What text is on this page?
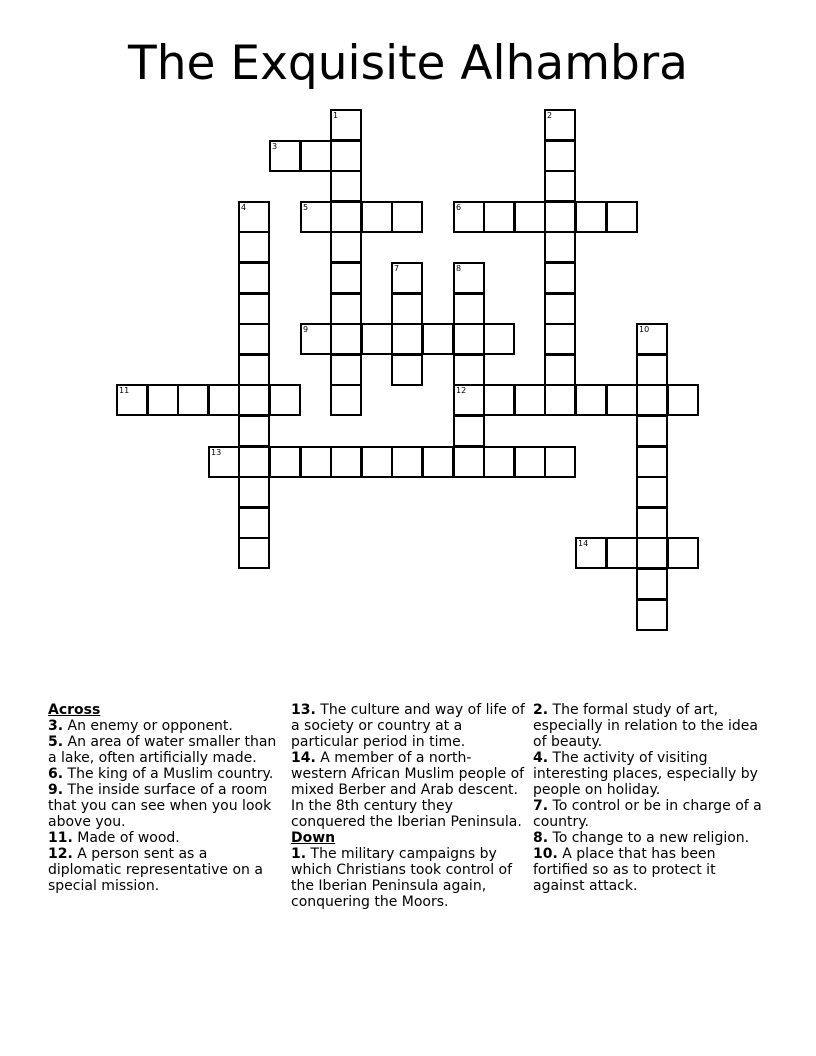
The Exquisite Alhambra
1	2
3
4	5	6
7	8
12
9	10
11
13
14
Across
3. An enemy or opponent.
5. An area of water smaller than a lake, often artificially made.
6. The king of a Muslim country.
9. The inside surface of a room that you can see when you look above you.
11. Made of wood.
12. A person sent as a diplomatic representative on a special mission.
13. The culture and way of life of a society or country at a particular period in time.
14. A member of a north-western African Muslim people of mixed Berber and Arab descent. In the 8th century they conquered the Iberian Peninsula.
Down
1. The military campaigns by which Christians took control of the Iberian Peninsula again, conquering the Moors.
2. The formal study of art, especially in relation to the idea of beauty.
4. The activity of visiting interesting places, especially by people on holiday.
7. To control or be in charge of a country.
8. To change to a new religion.
10. A place that has been fortified so as to protect it against attack.
